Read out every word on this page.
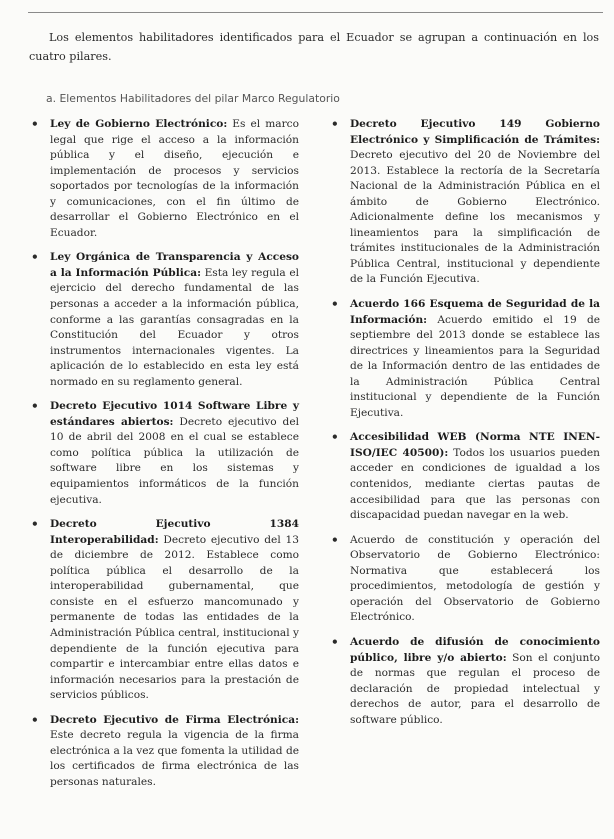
Los elementos habilitadores identificados para el Ecuador se agrupan a continuación en los cuatro pilares.

a. Elementos Habilitadores del pilar Marco Regulatorio
• Ley de Gobierno Electrónico: Es el marco legal que rige el acceso a la información pública y el diseño, ejecución e implementación de procesos y servicios soportados por tecnologías de la información y comunicaciones, con el fin último de desarrollar el Gobierno Electrónico en el Ecuador.
• Ley Orgánica de Transparencia y Acceso a la Información Pública: Esta ley regula el ejercicio del derecho fundamental de las personas a acceder a la información pública, conforme a las garantías consagradas en la Constitución del Ecuador y otros instrumentos internacionales vigentes. La aplicación de lo establecido en esta ley está normado en su reglamento general.
• Decreto Ejecutivo 1014 Software Libre y estándares abiertos: Decreto ejecutivo del 10 de abril del 2008 en el cual se establece como política pública la utilización de software libre en los sistemas y equipamientos informáticos de la función ejecutiva.
• Decreto Ejecutivo 1384 Interoperabilidad: Decreto ejecutivo del 13 de diciembre de 2012. Establece como política pública el desarrollo de la interoperabilidad gubernamental, que consiste en el esfuerzo mancomunado y permanente de todas las entidades de la Administración Pública central, institucional y dependiente de la función ejecutiva para compartir e intercambiar entre ellas datos e información necesarios para la prestación de servicios públicos.
• Decreto Ejecutivo de Firma Electrónica: Este decreto regula la vigencia de la firma electrónica a la vez que fomenta la utilidad de los certificados de firma electrónica de las personas naturales.
• Decreto Ejecutivo 149 Gobierno Electrónico y Simplificación de Trámites: Decreto ejecutivo del 20 de Noviembre del 2013. Establece la rectoría de la Secretaría Nacional de la Administración Pública en el ámbito de Gobierno Electrónico. Adicionalmente define los mecanismos y lineamientos para la simplificación de trámites institucionales de la Administración Pública Central, institucional y dependiente de la Función Ejecutiva.
• Acuerdo 166 Esquema de Seguridad de la Información: Acuerdo emitido el 19 de septiembre del 2013 donde se establece las directrices y lineamientos para la Seguridad de la Información dentro de las entidades de la Administración Pública Central institucional y dependiente de la Función Ejecutiva.
• Accesibilidad WEB (Norma NTE INEN-ISO/IEC 40500): Todos los usuarios pueden acceder en condiciones de igualdad a los contenidos, mediante ciertas pautas de accesibilidad para que las personas con discapacidad puedan navegar en la web.
• Acuerdo de constitución y operación del Observatorio de Gobierno Electrónico: Normativa que establecerá los procedimientos, metodología de gestión y operación del Observatorio de Gobierno Electrónico.
• Acuerdo de difusión de conocimiento público, libre y/o abierto: Son el conjunto de normas que regulan el proceso de declaración de propiedad intelectual y derechos de autor, para el desarrollo de software público.
